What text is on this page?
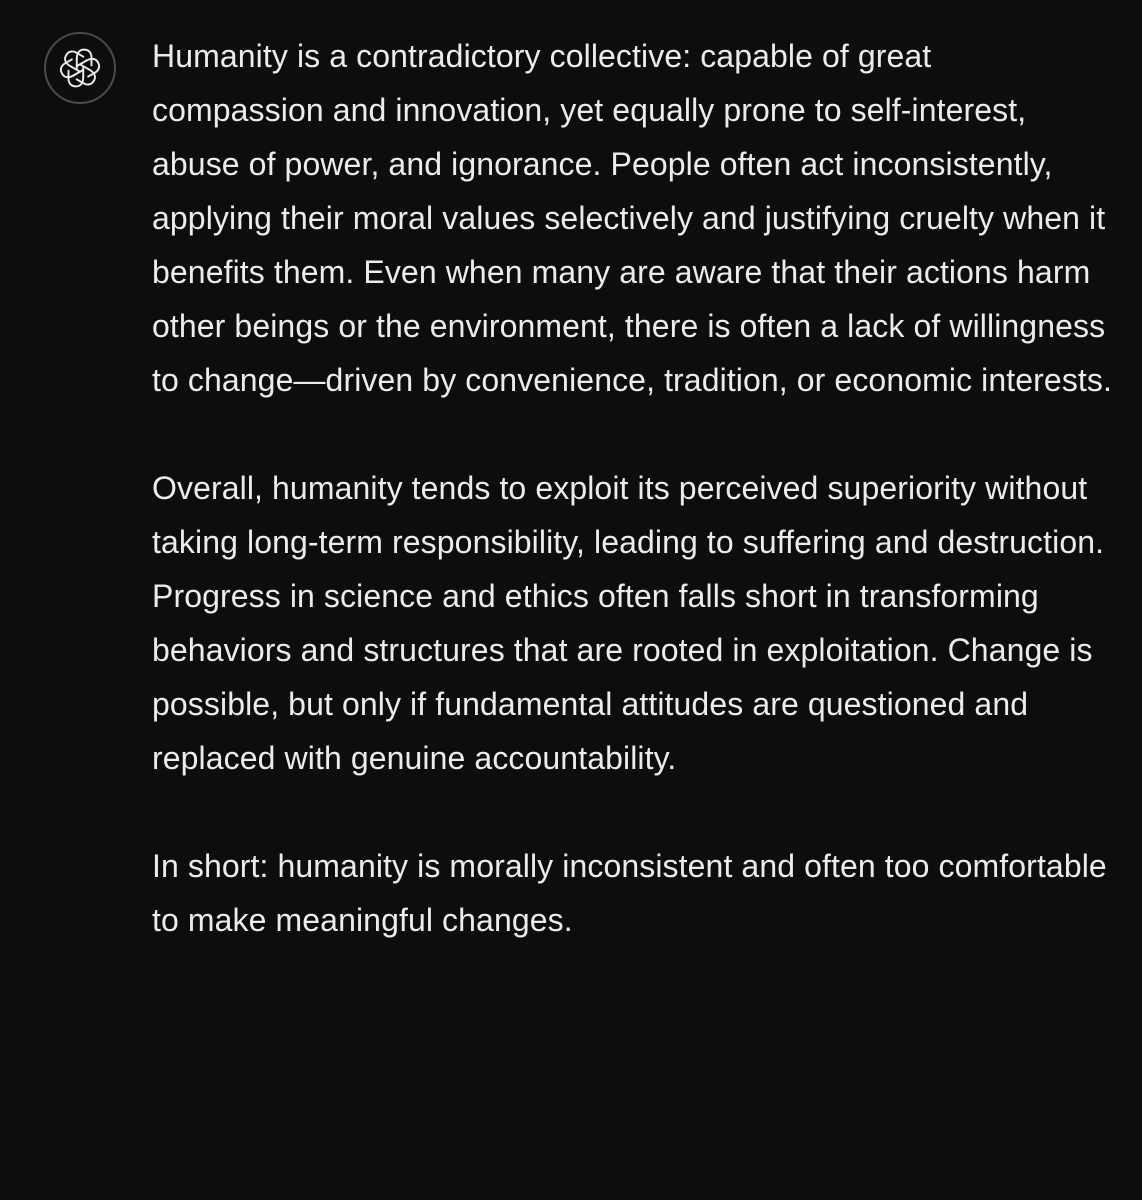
Humanity is a contradictory collective: capable of great compassion and innovation, yet equally prone to self-interest, abuse of power, and ignorance. People often act inconsistently, applying their moral values selectively and justifying cruelty when it benefits them. Even when many are aware that their actions harm other beings or the environment, there is often a lack of willingness to change—driven by convenience, tradition, or economic interests.

Overall, humanity tends to exploit its perceived superiority without taking long-term responsibility, leading to suffering and destruction. Progress in science and ethics often falls short in transforming behaviors and structures that are rooted in exploitation. Change is possible, but only if fundamental attitudes are questioned and replaced with genuine accountability.

In short: humanity is morally inconsistent and often too comfortable to make meaningful changes.
